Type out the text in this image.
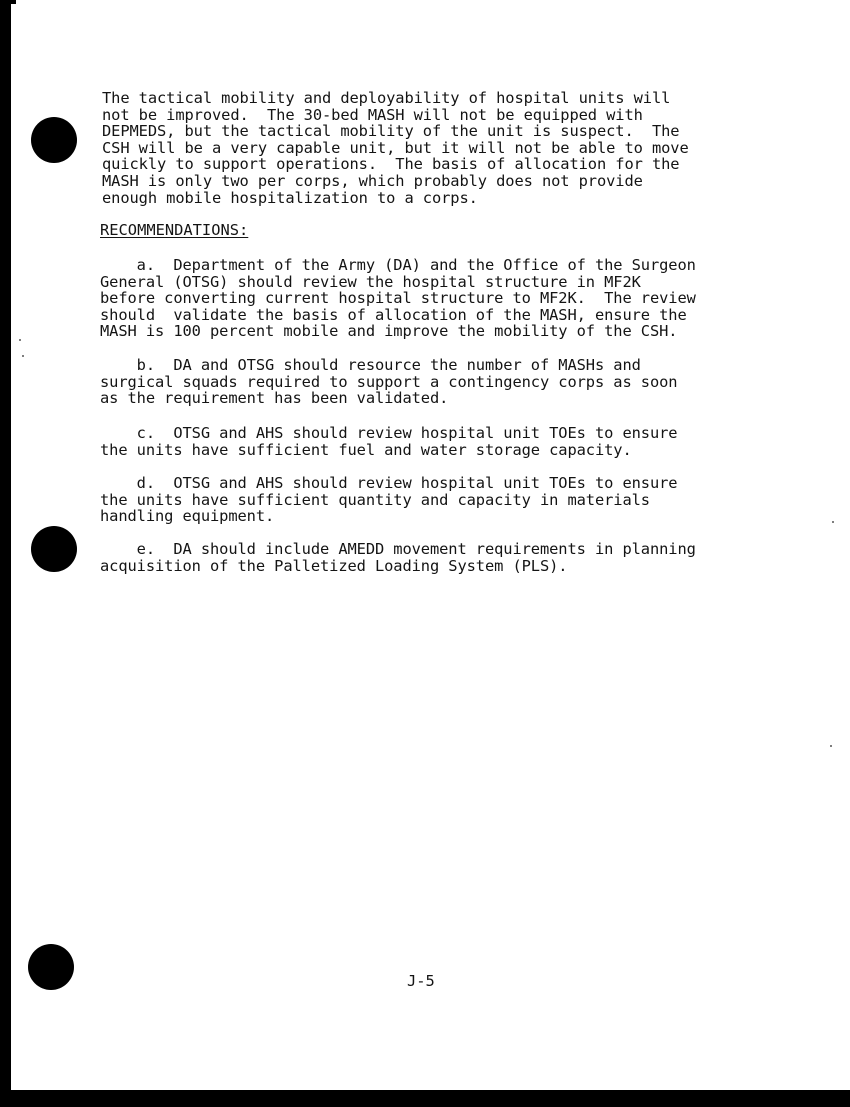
The tactical mobility and deployability of hospital units will
not be improved.  The 30-bed MASH will not be equipped with
DEPMEDS, but the tactical mobility of the unit is suspect.  The
CSH will be a very capable unit, but it will not be able to move
quickly to support operations.  The basis of allocation for the
MASH is only two per corps, which probably does not provide
enough mobile hospitalization to a corps.
RECOMMENDATIONS:
a.  Department of the Army (DA) and the Office of the Surgeon
General (OTSG) should review the hospital structure in MF2K
before converting current hospital structure to MF2K.  The review
should  validate the basis of allocation of the MASH, ensure the
MASH is 100 percent mobile and improve the mobility of the CSH.
b.  DA and OTSG should resource the number of MASHs and
surgical squads required to support a contingency corps as soon
as the requirement has been validated.
c.  OTSG and AHS should review hospital unit TOEs to ensure
the units have sufficient fuel and water storage capacity.
d.  OTSG and AHS should review hospital unit TOEs to ensure
the units have sufficient quantity and capacity in materials
handling equipment.
e.  DA should include AMEDD movement requirements in planning
acquisition of the Palletized Loading System (PLS).
J-5
